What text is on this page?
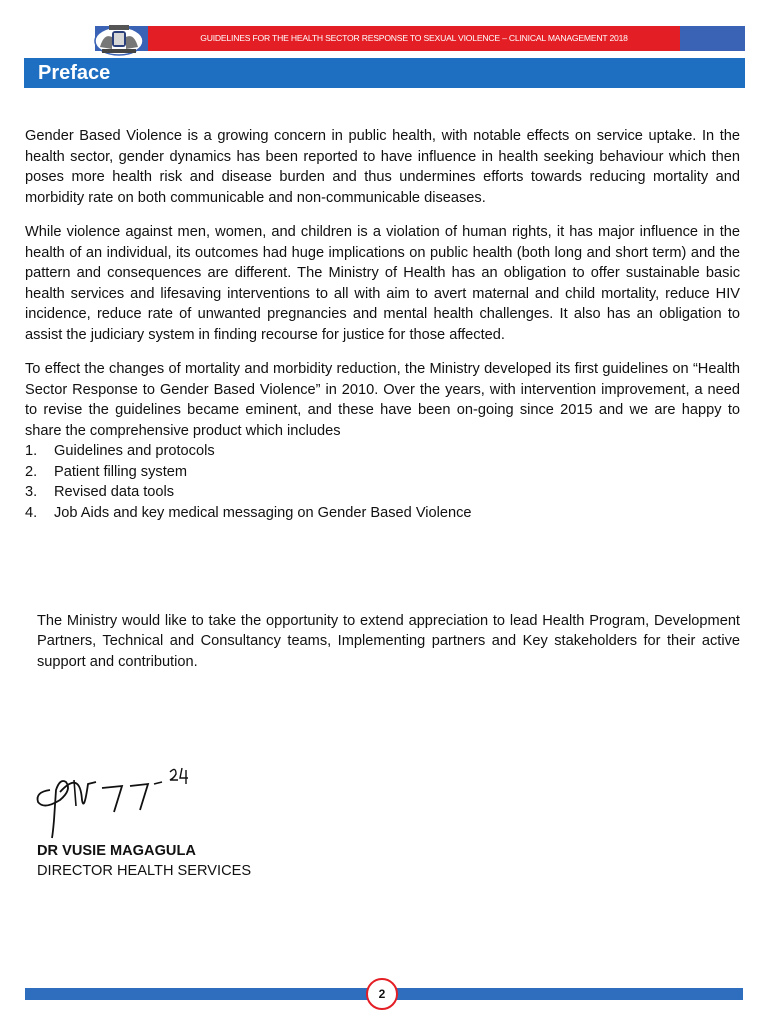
GUIDELINES FOR THE HEALTH SECTOR RESPONSE TO SEXUAL VIOLENCE – CLINICAL MANAGEMENT 2018
Preface

Gender Based Violence is a growing concern in public health, with notable effects on service uptake. In the health sector, gender dynamics has been reported to have influence in health seeking behaviour which then poses more health risk and disease burden and thus undermines efforts towards reducing mortality and morbidity rate on both communicable and non-communicable diseases.

While violence against men, women, and children is a violation of human rights, it has major influence in the health of an individual, its outcomes had huge implications on public health (both long and short term) and the pattern and consequences are different. The Ministry of Health has an obligation to offer sustainable basic health services and lifesaving interventions to all with aim to avert maternal and child mortality, reduce HIV incidence, reduce rate of unwanted pregnancies and mental health challenges. It also has an obligation to assist the judiciary system in finding recourse for justice for those affected.

To effect the changes of mortality and morbidity reduction, the Ministry developed its first guidelines on “Health Sector Response to Gender Based Violence” in 2010. Over the years, with intervention improvement, a need to revise the guidelines became eminent, and these have been on-going since 2015 and we are happy to share the comprehensive product which includes

1. Guidelines and protocols
2. Patient filling system
3. Revised data tools
4. Job Aids and key medical messaging on Gender Based Violence

The Ministry would like to take the opportunity to extend appreciation to lead Health Program, Development Partners, Technical and Consultancy teams, Implementing partners and Key stakeholders for their active support and contribution.

DR VUSIE MAGAGULA
DIRECTOR HEALTH SERVICES
2
